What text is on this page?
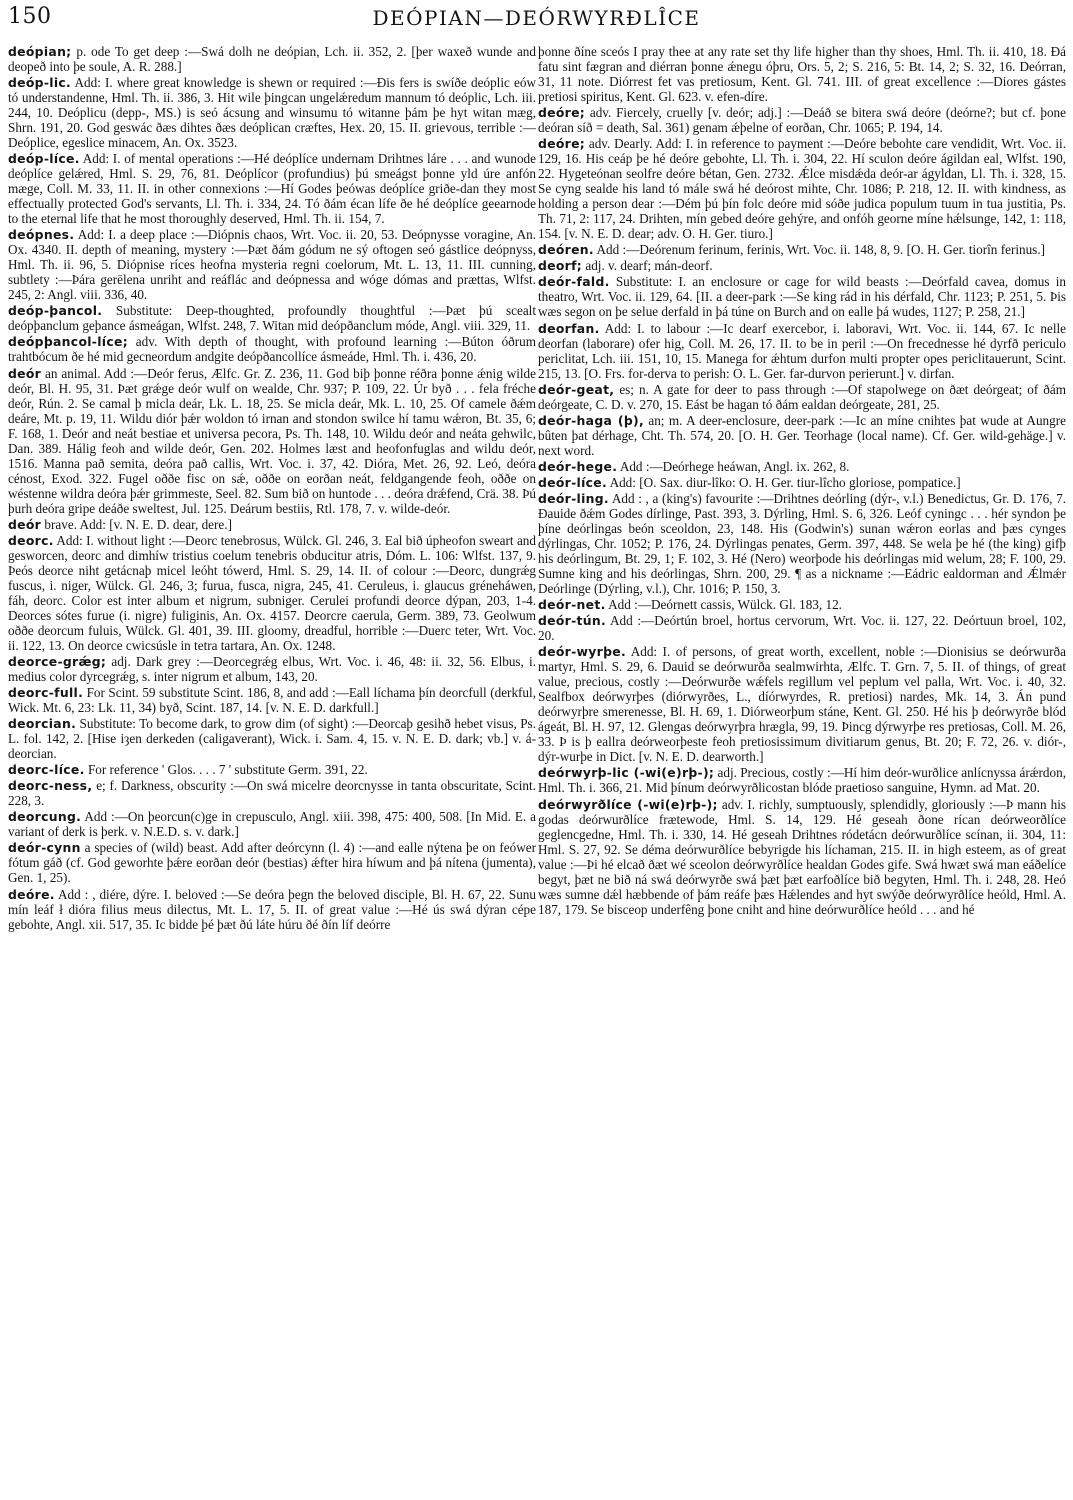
150	DEÓPIAN—DEÓRWYRÐLÎCE

deópian; p. ode To get deep :—Swá dolh ne deópian, Lch. ii. 352, 2. [þer waxeð wunde and deopeð into þe soule, A. R. 288.]

deóp-lic. Add: I. where great knowledge is shewn or required :—Ðis fers is swíðe deóplic eów tó understandenne, Hml. Th. ii. 386, 3. Hit wile þingcan ungelǽredum mannum tó deóplic, Lch. iii. 244, 10. Deóplicu (depp-, MS.) is seó ácsung and winsumu tó witanne þám þe hyt witan mæg, Shrn. 191, 20. God geswác ðæs dihtes ðæs deóplican cræftes, Hex. 20, 15. II. grievous, terrible :—Deóplice, egeslice minacem, An. Ox. 3523.

deóp-líce. Add: I. of mental operations :—Hé deóplíce undernam Drihtnes láre . . . and wunode deóplíce gelǽred, Hml. S. 29, 76, 81. Deóplícor (profundius) þú smeágst þonne yld úre anfón mæge, Coll. M. 33, 11. II. in other connexions :—Hí Godes þeówas deóplíce griðe-dan they most effectually protected God's servants, Ll. Th. i. 334, 24. Tó ðám écan lífe ðe hé deóplíce geearnode to the eternal life that he most thoroughly deserved, Hml. Th. ii. 154, 7.

deópnes. Add: I. a deep place :—Diópnis chaos, Wrt. Voc. ii. 20, 53. Deópnysse voragine, An. Ox. 4340. II. depth of meaning, mystery :—Þæt ðám gódum ne sý oftogen seó gástlice deópnyss, Hml. Th. ii. 96, 5. Diópnise ríces heofna mysteria regni coelorum, Mt. L. 13, 11. III. cunning, subtlety :—Þára gerēlena unriht and reáflác and deópnessa and wóge dómas and prættas, Wlfst. 245, 2: Angl. viii. 336, 40.

deóp-þancol. Substitute: Deep-thoughted, profoundly thoughtful :—Þæt þú scealt deópþanclum geþance ásmeágan, Wlfst. 248, 7. Witan mid deópðanclum móde, Angl. viii. 329, 11.

deópþancol-líce; adv. With depth of thought, with profound learning :—Búton óðrum trahtbócum ðe hé mid gecneordum andgite deópðancollíce ásmeáde, Hml. Th. i. 436, 20.

deór an animal. Add :—Deór ferus, Ælfc. Gr. Z. 236, 11. God biþ þonne réðra þonne ǽnig wilde deór, Bl. H. 95, 31. Þæt grǽge deór wulf on wealde, Chr. 937; P. 109, 22. Úr byð . . . fela fréche deór, Rún. 2. Se camal þ micla deár, Lk. L. 18, 25. Se micla deár, Mk. L. 10, 25. Of camele ðǽm deáre, Mt. p. 19, 11. Wildu diór þǽr woldon tó irnan and stondon swilce hí tamu wǽron, Bt. 35, 6; F. 168, 1. Deór and neát bestiae et universa pecora, Ps. Th. 148, 10. Wildu deór and neáta gehwilc, Dan. 389. Hálig feoh and wilde deór, Gen. 202. Holmes læst and heofonfuglas and wildu deór, 1516. Manna pað semita, deóra pað callis, Wrt. Voc. i. 37, 42. Dióra, Met. 26, 92. Leó, deóra cénost, Exod. 322. Fugel oððe fisc on sǽ, oððe on eorðan neát, feldgangende feoh, oððe on wéstenne wildra deóra þǽr grimmeste, Seel. 82. Sum bið on huntode . . . deóra drǽfend, Crä. 38. Þú þurh deóra gripe deáðe sweltest, Jul. 125. Deárum bestiis, Rtl. 178, 7. v. wilde-deór.

deór brave. Add: [v. N. E. D. dear, dere.]

deorc. Add: I. without light :—Deorc tenebrosus, Wülck. Gl. 246, 3. Eal bið úpheofon sweart and gesworcen, deorc and dimhíw tristius coelum tenebris obducitur atris, Dóm. L. 106: Wlfst. 137, 9. Þeós deorce niht getácnaþ micel leóht tówerd, Hml. S. 29, 14. II. of colour :—Deorc, dungrǽg fuscus, i. niger, Wülck. Gl. 246, 3; furua, fusca, nigra, 245, 41. Ceruleus, i. glaucus gréneháwen, fáh, deorc. Color est inter album et nigrum, subniger. Cerulei profundi deorce dýpan, 203, 1-4. Deorces sótes furue (i. nigre) fuliginis, An. Ox. 4157. Deorcre caerula, Germ. 389, 73. Geolwum oððe deorcum fuluis, Wülck. Gl. 401, 39. III. gloomy, dreadful, horrible :—Duerc teter, Wrt. Voc. ii. 122, 13. On deorce cwicsúsle in tetra tartara, An. Ox. 1248.

deorce-grǽg; adj. Dark grey :—Deorcegrǽg elbus, Wrt. Voc. i. 46, 48: ii. 32, 56. Elbus, i. medius color dyrcegrǽg, s. inter nigrum et album, 143, 20.

deorc-full. For Scint. 59 substitute Scint. 186, 8, and add :—Eall líchama þín deorcfull (derkful, Wick. Mt. 6, 23: Lk. 11, 34) byð, Scint. 187, 14. [v. N. E. D. darkfull.]

deorcian. Substitute: To become dark, to grow dim (of sight) :—Deorcaþ gesihð hebet visus, Ps. L. fol. 142, 2. [Hise iȝen derkeden (caligaverant), Wick. i. Sam. 4, 15. v. N. E. D. dark; vb.] v. á-deorcian.

deorc-líce. For reference ' Glos. . . . 7 ' substitute Germ. 391, 22.

deorc-ness, e; f. Darkness, obscurity :—On swá micelre deorcnysse in tanta obscuritate, Scint. 228, 3.

deorcung. Add :—On þeorcun(c)ge in crepusculo, Angl. xiii. 398, 475: 400, 508. [In Mid. E. a variant of derk is þerk. v. N.E.D. s. v. dark.]

deór-cynn a species of (wild) beast. Add after deórcynn (l. 4) :—and ealle nýtena þe on feówer fótum gáð (cf. God geworhte þǽre eorðan deór (bestias) ǽfter hira híwum and þá nítena (jumenta), Gen. 1, 25).

deóre. Add : , diére, dýre. I. beloved :—Se deóra þegn the beloved disciple, Bl. H. 67, 22. Sunu mín leáf ł dióra filius meus dilectus, Mt. L. 17, 5. II. of great value :—Hé ús swá dýran cépe gebohte, Angl. xii. 517, 35. Ic bidde þé þæt ðú láte húru ðé ðín líf deórre

þonne ðíne sceós I pray thee at any rate set thy life higher than thy shoes, Hml. Th. ii. 410, 18. Ðá fatu sint fægran and diérran þonne ǽnegu óþru, Ors. 5, 2; S. 216, 5: Bt. 14, 2; S. 32, 16. Deórran, 31, 11 note. Diórrest fet vas pretiosum, Kent. Gl. 741. III. of great excellence :—Diores gástes pretiosi spiritus, Kent. Gl. 623. v. efen-díre.

deóre; adv. Fiercely, cruelly [v. deór; adj.] :—Deáð se bitera swá deóre (deórne?; but cf. þone deóran síð = death, Sal. 361) genam ǽþelne of eorðan, Chr. 1065; P. 194, 14.

deóre; adv. Dearly. Add: I. in reference to payment :—Deóre bebohte care vendidit, Wrt. Voc. ii. 129, 16. His ceáp þe hé deóre gebohte, Ll. Th. i. 304, 22. Hí sculon deóre ágildan eal, Wlfst. 190, 22. Hygeteónan seolfre deóre bétan, Gen. 2732. Ǽlce misdǽda deór-ar ágyldan, Ll. Th. i. 328, 15. Se cyng sealde his land tó mále swá hé deórost mihte, Chr. 1086; P. 218, 12. II. with kindness, as holding a person dear :—Dém þú þín folc deóre mid sóðe judica populum tuum in tua justitia, Ps. Th. 71, 2: 117, 24. Drihten, mín gebed deóre gehýre, and onfóh georne míne hǽlsunge, 142, 1: 118, 154. [v. N. E. D. dear; adv. O. H. Ger. tiuro.]

deóren. Add :—Deórenum ferinum, ferinis, Wrt. Voc. ii. 148, 8, 9. [O. H. Ger. tiorîn ferinus.]

deorf; adj. v. dearf; mán-deorf.

deór-fald. Substitute: I. an enclosure or cage for wild beasts :—Deórfald cavea, domus in theatro, Wrt. Voc. ii. 129, 64. [II. a deer-park :—Se king rád in his dérfald, Chr. 1123; P. 251, 5. Þis wæs segon on þe selue derfald in þá túne on Burch and on ealle þá wudes, 1127; P. 258, 21.]

deorfan. Add: I. to labour :—Ic dearf exercebor, i. laboravi, Wrt. Voc. ii. 144, 67. Ic nelle deorfan (laborare) ofer hig, Coll. M. 26, 17. II. to be in peril :—On frecednesse hé dyrfð periculo periclitat, Lch. iii. 151, 10, 15. Manega for ǽhtum durfon multi propter opes periclitauerunt, Scint. 215, 13. [O. Frs. for-derva to perish: O. L. Ger. far-durvon perierunt.] v. dirfan.

deór-geat, es; n. A gate for deer to pass through :—Of stapolwege on ðæt deórgeat; of ðám deórgeate, C. D. v. 270, 15. Eást be hagan tó ðám ealdan deórgeate, 281, 25.

deór-haga (þ), an; m. A deer-enclosure, deer-park :—Ic an míne cnihtes þat wude at Aungre bûten þat dérhage, Cht. Th. 574, 20. [O. H. Ger. Teorhage (local name). Cf. Ger. wild-gehäge.] v. next word.

deór-hege. Add :—Deórhege heáwan, Angl. ix. 262, 8.

deór-líce. Add: [O. Sax. diur-lîko: O. H. Ger. tiur-lîcho gloriose, pompatice.]

deór-ling. Add : , a (king's) favourite :—Drihtnes deórling (dýr-, v.l.) Benedictus, Gr. D. 176, 7. Ðauide ðǽm Godes dírlinge, Past. 393, 3. Dýrling, Hml. S. 6, 326. Leóf cyningc . . . hér syndon þe þíne deórlingas beón sceoldon, 23, 148. His (Godwin's) sunan wǽron eorlas and þæs cynges dýrlingas, Chr. 1052; P. 176, 24. Dýrlingas penates, Germ. 397, 448. Se wela þe hé (the king) gifþ his deórlingum, Bt. 29, 1; F. 102, 3. Hé (Nero) weorþode his deórlingas mid welum, 28; F. 100, 29. Sumne king and his deórlingas, Shrn. 200, 29. ¶ as a nickname :—Eádric ealdorman and Ǽlmǽr Deórlinge (Dýrling, v.l.), Chr. 1016; P. 150, 3.

deór-net. Add :—Deórnett cassis, Wülck. Gl. 183, 12.

deór-tún. Add :—Deórtún broel, hortus cervorum, Wrt. Voc. ii. 127, 22. Deórtuun broel, 102, 20.

deór-wyrþe. Add: I. of persons, of great worth, excellent, noble :—Dionisius se deórwurða martyr, Hml. S. 29, 6. Dauid se deórwurða sealmwirhta, Ælfc. T. Grn. 7, 5. II. of things, of great value, precious, costly :—Deórwurðe wǽfels regillum vel peplum vel palla, Wrt. Voc. i. 40, 32. Sealfbox deórwyrþes (diórwyrðes, L., díórwyrdes, R. pretiosi) nardes, Mk. 14, 3. Án pund deórwyrþre smerenesse, Bl. H. 69, 1. Diórweorþum stáne, Kent. Gl. 250. Hé his þ deórwyrðe blód ágeát, Bl. H. 97, 12. Glengas deórwyrþra hrægla, 99, 19. Þincg dýrwyrþe res pretiosas, Coll. M. 26, 33. Þ is þ eallra deórweorþeste feoh pretiosissimum divitiarum genus, Bt. 20; F. 72, 26. v. diór-, dýr-wurþe in Dict. [v. N. E. D. dearworth.]

deórwyrþ-lic (-wi(e)rþ-); adj. Precious, costly :—Hí him deór-wurðlice anlícnyssa árǽrdon, Hml. Th. i. 366, 21. Mid þínum deórwyrðlicostan blóde praetioso sanguine, Hymn. ad Mat. 20.

deórwyrðlíce (-wi(e)rþ-); adv. I. richly, sumptuously, splendidly, gloriously :—Þ mann his godas deórwurðlíce frætewode, Hml. S. 14, 129. Hé geseah ðone rícan deórweorðlíce geglencgedne, Hml. Th. i. 330, 14. Hé geseah Drihtnes ródetácn deórwurðlíce scínan, ii. 304, 11: Hml. S. 27, 92. Se déma deórwurðlíce bebyrigde his líchaman, 215. II. in high esteem, as of great value :—Þi hé elcað ðæt wé sceolon deórwyrðlíce healdan Godes gife. Swá hwæt swá man eáðelíce begyt, þæt ne bið ná swá deórwyrðe swá þæt þæt earfoðlíce bið begyten, Hml. Th. i. 248, 28. Heó wæs sumne dǽl hæbbende of þám reáfe þæs Hǽlendes and hyt swýðe deórwyrðlíce heóld, Hml. A. 187, 179. Se bisceop underfêng þone cniht and hine deórwurðlíce heóld . . . and hé
